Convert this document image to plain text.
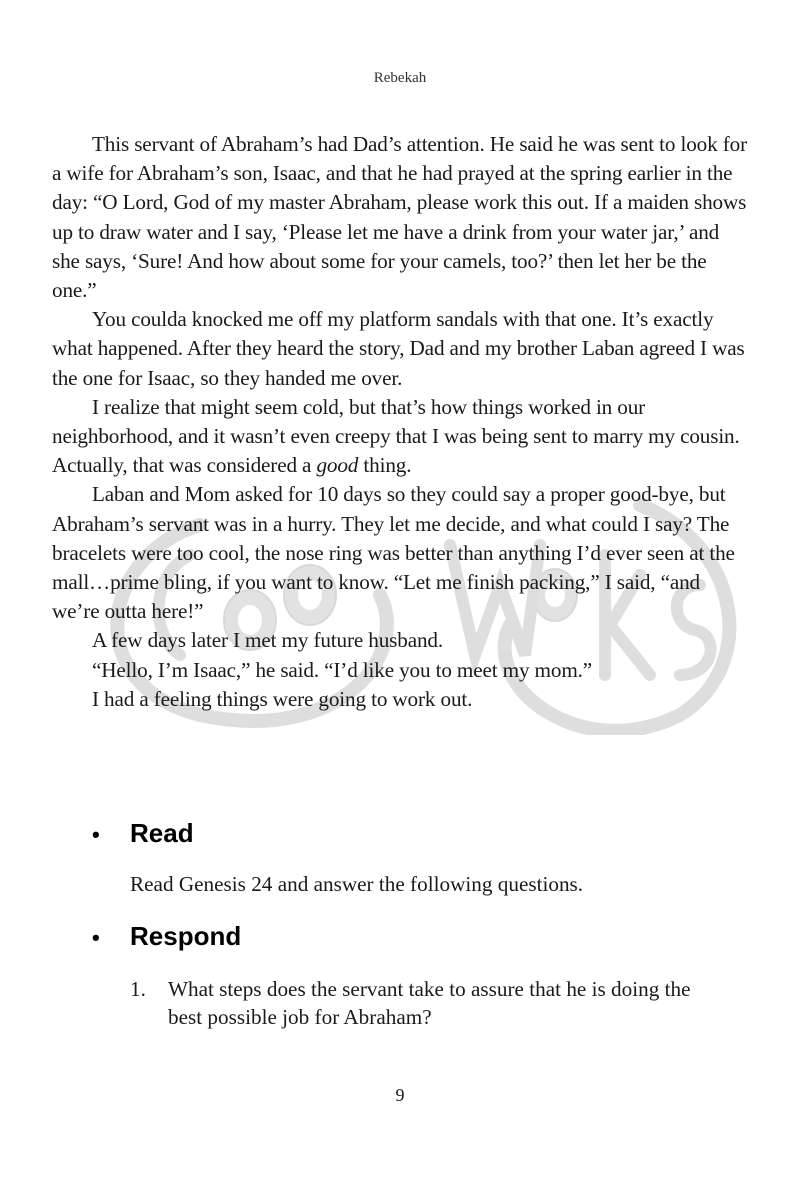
Rebekah

This servant of Abraham’s had Dad’s attention. He said he was sent to look for a wife for Abraham’s son, Isaac, and that he had prayed at the spring earlier in the day: “O Lord, God of my master Abraham, please work this out. If a maiden shows up to draw water and I say, ‘Please let me have a drink from your water jar,’ and she says, ‘Sure! And how about some for your camels, too?’ then let her be the one.”

You coulda knocked me off my platform sandals with that one. It’s exactly what happened. After they heard the story, Dad and my brother Laban agreed I was the one for Isaac, so they handed me over.

I realize that might seem cold, but that’s how things worked in our neighborhood, and it wasn’t even creepy that I was being sent to marry my cousin. Actually, that was considered a good thing.

Laban and Mom asked for 10 days so they could say a proper good-bye, but Abraham’s servant was in a hurry. They let me decide, and what could I say? The bracelets were too cool, the nose ring was better than anything I’d ever seen at the mall…prime bling, if you want to know. “Let me finish packing,” I said, “and we’re outta here!”

A few days later I met my future husband.

“Hello, I’m Isaac,” he said. “I’d like you to meet my mom.”

I had a feeling things were going to work out.

• Read
Read Genesis 24 and answer the following questions.
• Respond
1.	What steps does the servant take to assure that he is doing the best possible job for Abraham?
9
